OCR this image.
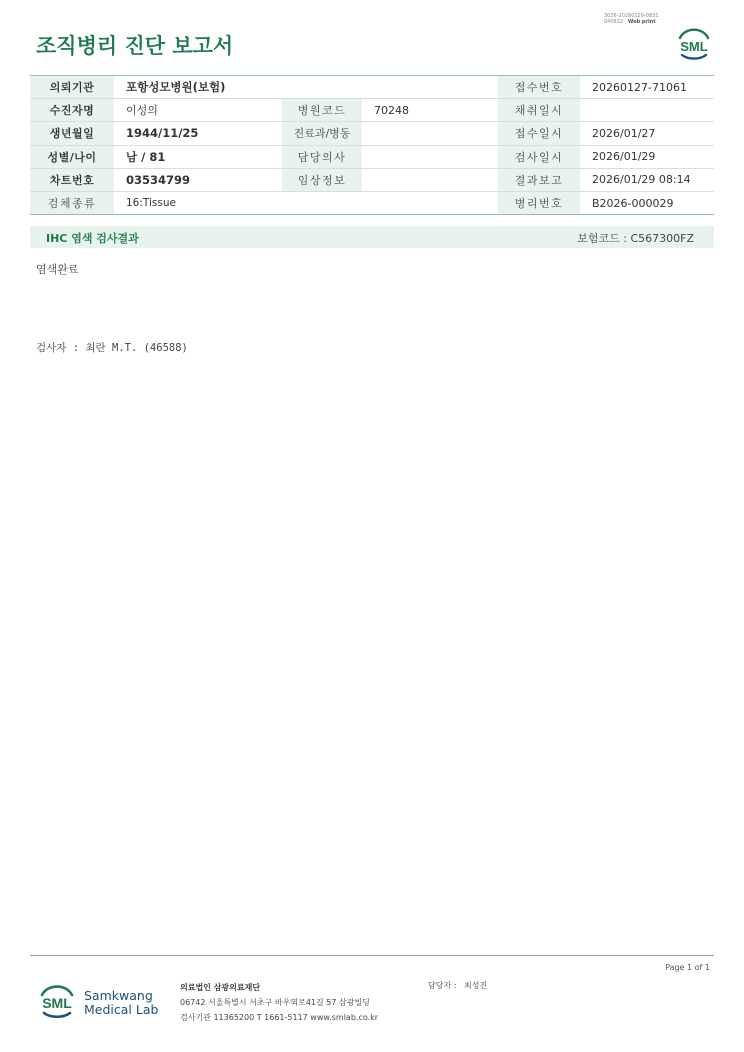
조직병리 진단 보고서
3036-20260129-0831
040822 Web print
SML
의뢰기관	포항성모병원(보험)			접수번호	20260127-71061
수진자명	이성의	병원코드	70248	채취일시	
생년월일	1944/11/25	진료과/병동		접수일시	2026/01/27
성별/나이	남 / 81	담당의사		검사일시	2026/01/29
차트번호	03534799	임상정보		결과보고	2026/01/29 08:14
검체종류	16:Tissue			병리번호	B2026-000029
IHC 염색 검사결과	보험코드 : C567300FZ
염색완료
검사자 : 최란 M.T. (46588)
Page 1 of 1
SML Samkwang
Medical Lab
의료법인 삼광의료재단
06742 서울특별시 서초구 바우뫼로41길 57 삼광빌딩
검사기관 11365200 T 1661-5117 www.smlab.co.kr
담당자 :   최성진
